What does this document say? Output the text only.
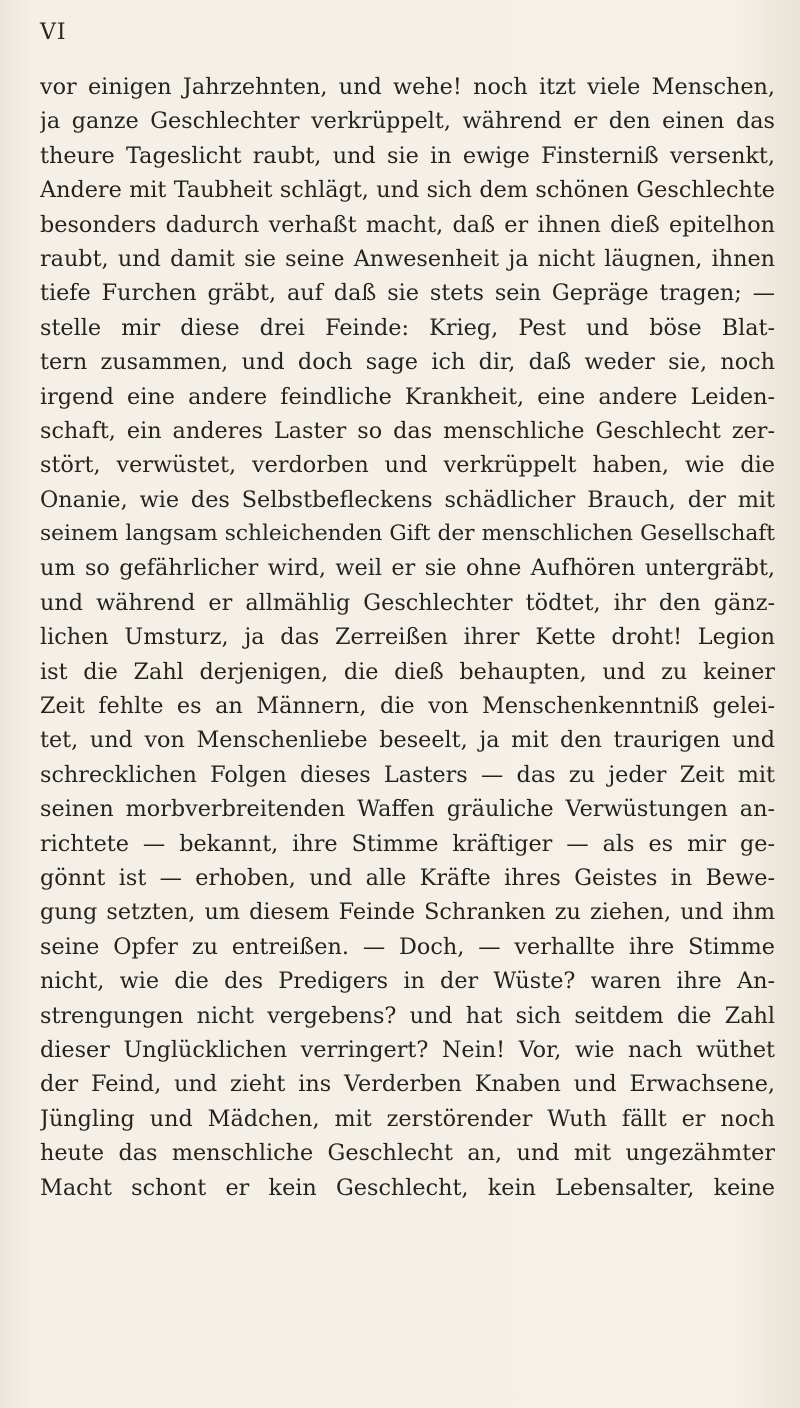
VI
vor einigen Jahrzehnten, und wehe! noch itzt viele Menschen,
ja ganze Geschlechter verkrüppelt, während er den einen das
theure Tageslicht raubt, und sie in ewige Finsterniß versenkt,
Andere mit Taubheit schlägt, und sich dem schönen Geschlechte
besonders dadurch verhaßt macht, daß er ihnen dieß epitelhon
raubt, und damit sie seine Anwesenheit ja nicht läugnen, ihnen
tiefe Furchen gräbt, auf daß sie stets sein Gepräge tragen; —
stelle mir diese drei Feinde: Krieg, Pest und böse Blat-
tern zusammen, und doch sage ich dir, daß weder sie, noch
irgend eine andere feindliche Krankheit, eine andere Leiden-
schaft, ein anderes Laster so das menschliche Geschlecht zer-
stört, verwüstet, verdorben und verkrüppelt haben, wie die
Onanie, wie des Selbstbefleckens schädlicher Brauch, der mit
seinem langsam schleichenden Gift der menschlichen Gesellschaft
um so gefährlicher wird, weil er sie ohne Aufhören untergräbt,
und während er allmählig Geschlechter tödtet, ihr den gänz-
lichen Umsturz, ja das Zerreißen ihrer Kette droht! Legion
ist die Zahl derjenigen, die dieß behaupten, und zu keiner
Zeit fehlte es an Männern, die von Menschenkenntniß gelei-
tet, und von Menschenliebe beseelt, ja mit den traurigen und
schrecklichen Folgen dieses Lasters — das zu jeder Zeit mit
seinen morbverbreitenden Waffen gräuliche Verwüstungen an-
richtete — bekannt, ihre Stimme kräftiger — als es mir ge-
gönnt ist — erhoben, und alle Kräfte ihres Geistes in Bewe-
gung setzten, um diesem Feinde Schranken zu ziehen, und ihm
seine Opfer zu entreißen. — Doch, — verhallte ihre Stimme
nicht, wie die des Predigers in der Wüste? waren ihre An-
strengungen nicht vergebens? und hat sich seitdem die Zahl
dieser Unglücklichen verringert? Nein! Vor, wie nach wüthet
der Feind, und zieht ins Verderben Knaben und Erwachsene,
Jüngling und Mädchen, mit zerstörender Wuth fällt er noch
heute das menschliche Geschlecht an, und mit ungezähmter
Macht schont er kein Geschlecht, kein Lebensalter, keine
